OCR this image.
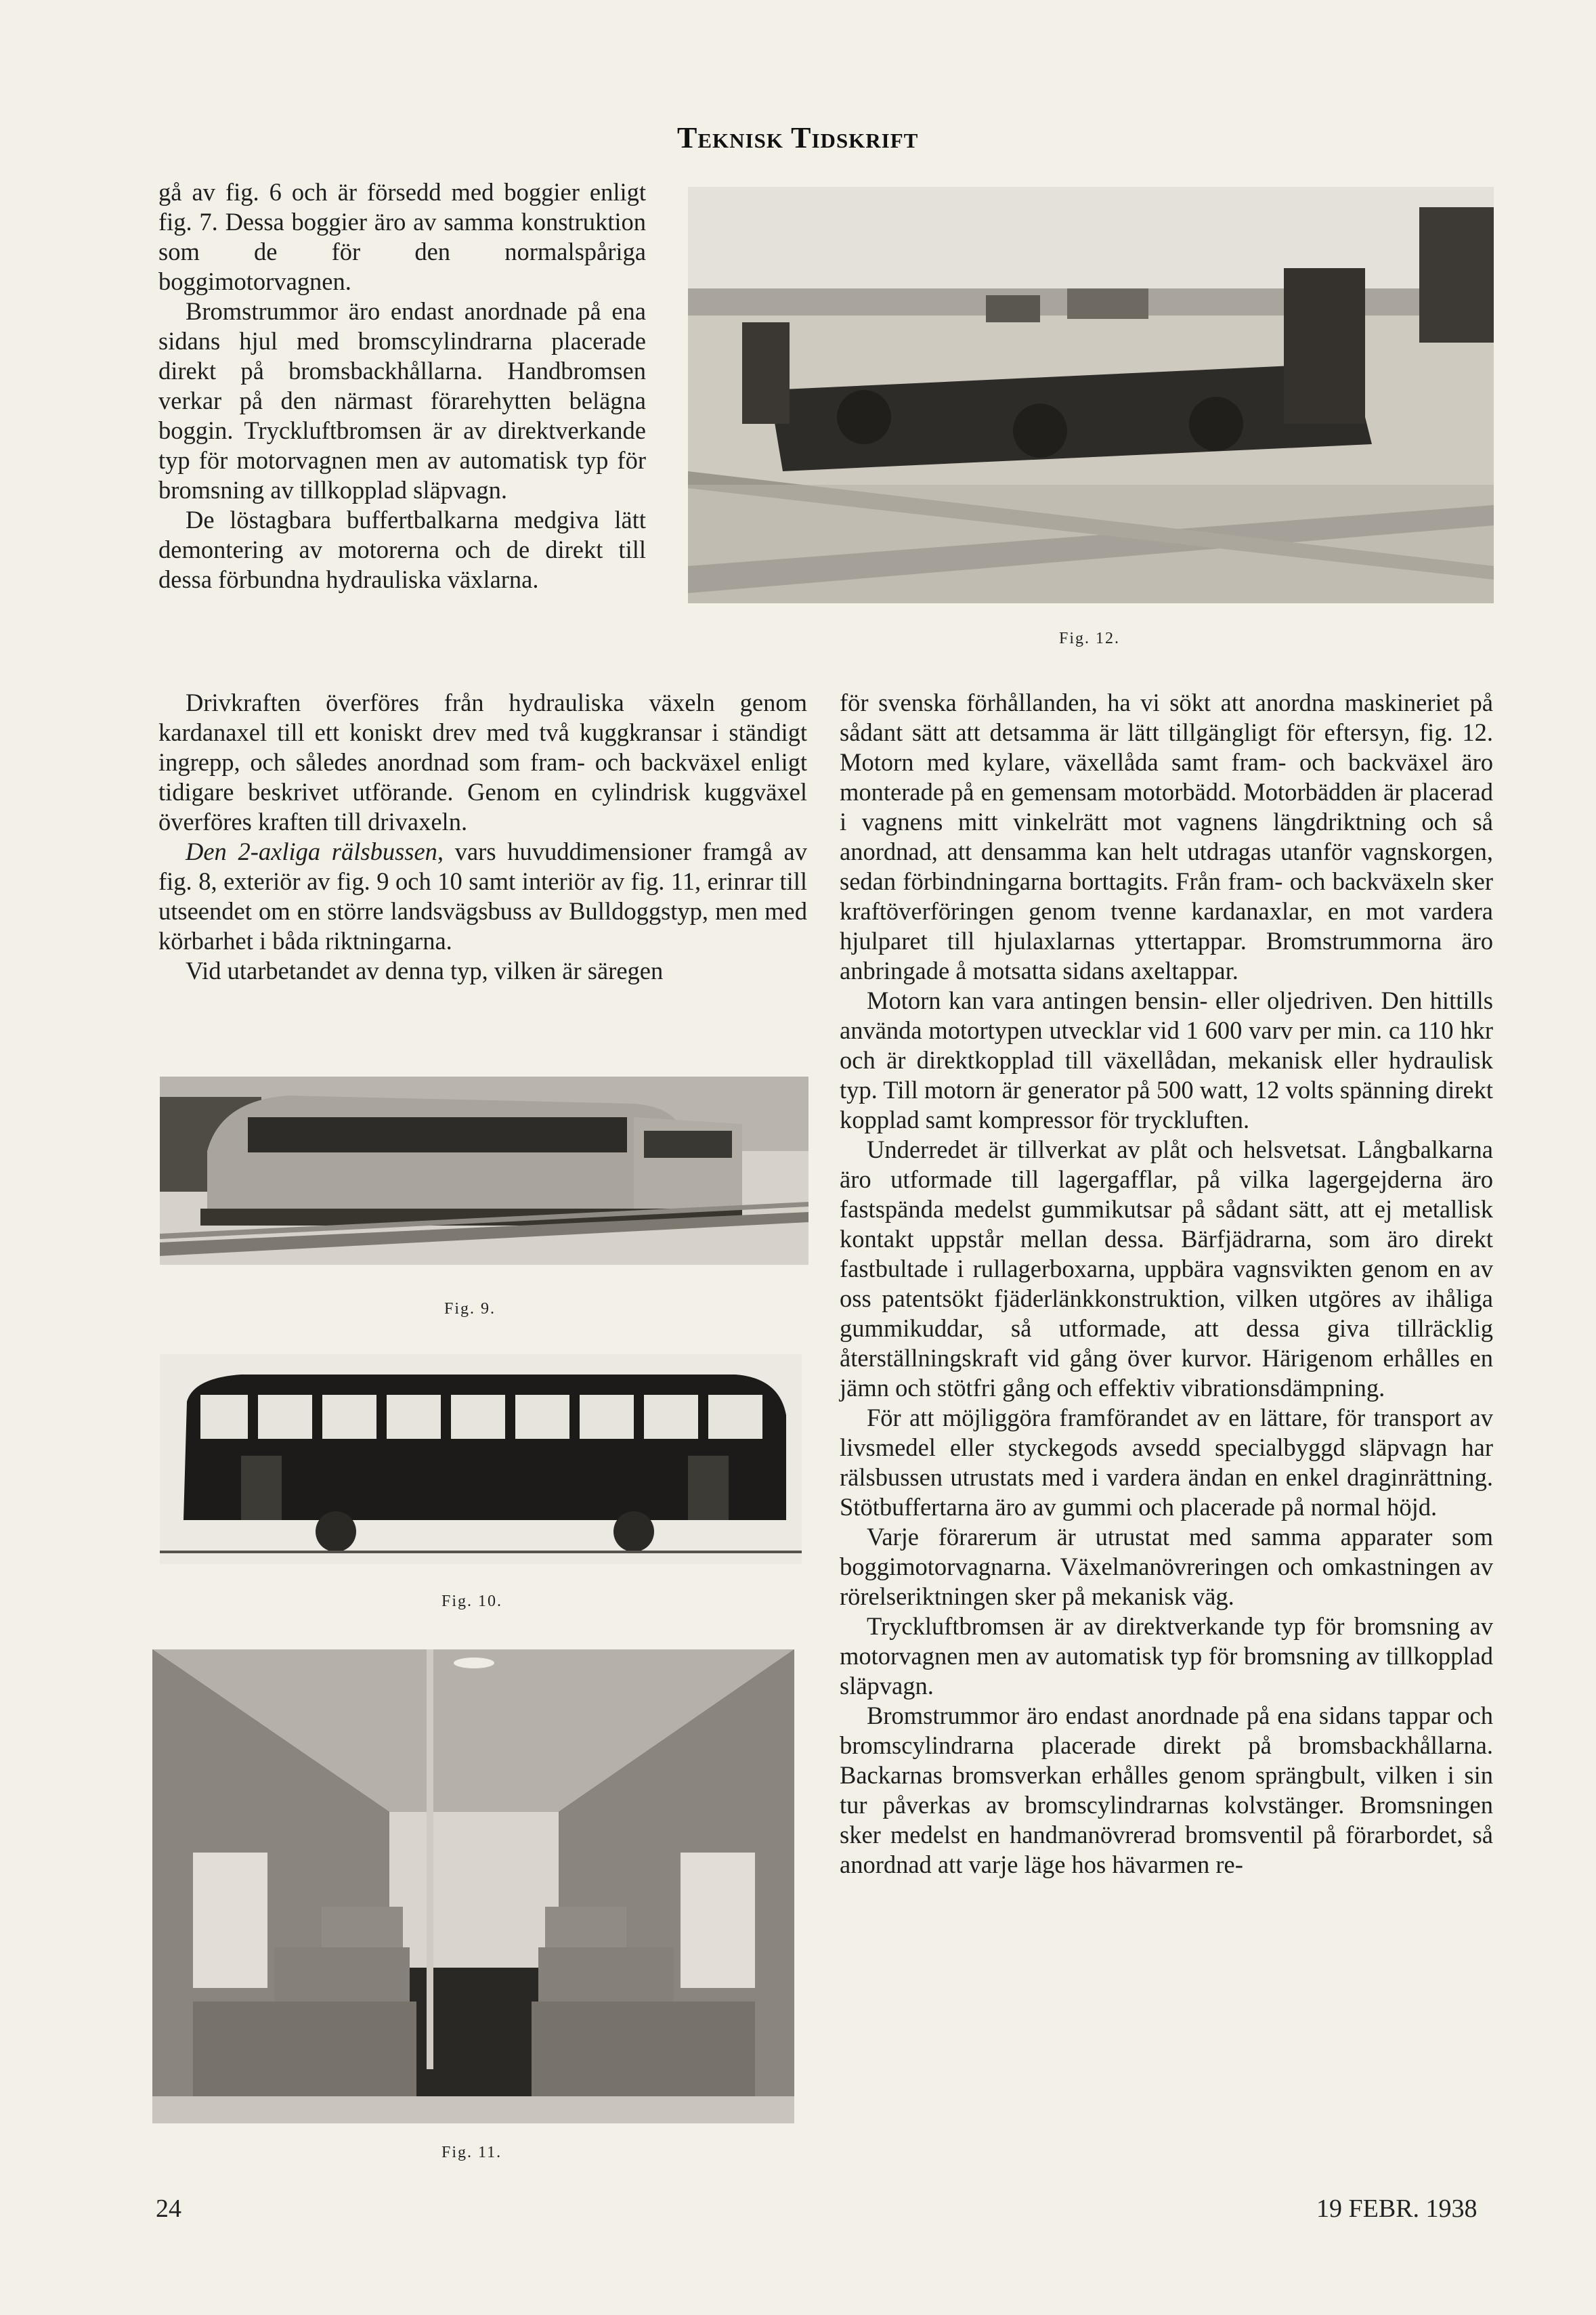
Teknisk Tidskrift

gå av fig. 6 och är försedd med boggier enligt fig. 7. Dessa boggier äro av samma konstruktion som de för den normalspåriga boggimotorvagnen.

Bromstrummor äro endast anordnade på ena sidans hjul med bromscylindrarna placerade direkt på bromsbackhållarna. Handbromsen verkar på den närmast förarehytten belägna boggin. Tryckluftbromsen är av direktverkande typ för motorvagnen men av automatisk typ för bromsning av tillkopplad släpvagn.

De löstagbara buffertbalkarna medgiva lätt demontering av motorerna och de direkt till dessa förbundna hydrauliska växlarna.

Drivkraften överföres från hydrauliska växeln genom kardanaxel till ett koniskt drev med två kuggkransar i ständigt ingrepp, och således anordnad som fram- och backväxel enligt tidigare beskrivet utförande. Genom en cylindrisk kuggväxel överföres kraften till drivaxeln.

Den 2-axliga rälsbussen, vars huvuddimensioner framgå av fig. 8, exteriör av fig. 9 och 10 samt interiör av fig. 11, erinrar till utseendet om en större landsvägsbuss av Bulldoggstyp, men med körbarhet i båda riktningarna.

Vid utarbetandet av denna typ, vilken är säregen

för svenska förhållanden, ha vi sökt att anordna maskineriet på sådant sätt att detsamma är lätt tillgängligt för eftersyn, fig. 12. Motorn med kylare, växellåda samt fram- och backväxel äro monterade på en gemensam motorbädd. Motorbädden är placerad i vagnens mitt vinkelrätt mot vagnens längdriktning och så anordnad, att densamma kan helt utdragas utanför vagnskorgen, sedan förbindningarna borttagits. Från fram- och backväxeln sker kraftöverföringen genom tvenne kardanaxlar, en mot vardera hjulparet till hjulaxlarnas yttertappar. Bromstrummorna äro anbringade å motsatta sidans axeltappar.

Motorn kan vara antingen bensin- eller oljedriven. Den hittills använda motortypen utvecklar vid 1 600 varv per min. ca 110 hkr och är direktkopplad till växellådan, mekanisk eller hydraulisk typ. Till motorn är generator på 500 watt, 12 volts spänning direkt kopplad samt kompressor för tryckluften.

Underredet är tillverkat av plåt och helsvetsat. Långbalkarna äro utformade till lagergafflar, på vilka lagergejderna äro fastspända medelst gummikutsar på sådant sätt, att ej metallisk kontakt uppstår mellan dessa. Bärfjädrarna, som äro direkt fastbultade i rullagerboxarna, uppbära vagnsvikten genom en av oss patentsökt fjäderlänkkonstruktion, vilken utgöres av ihåliga gummikuddar, så utformade, att dessa giva tillräcklig återställningskraft vid gång över kurvor. Härigenom erhålles en jämn och stötfri gång och effektiv vibrationsdämpning.

För att möjliggöra framförandet av en lättare, för transport av livsmedel eller styckegods avsedd specialbyggd släpvagn har rälsbussen utrustats med i vardera ändan en enkel draginrättning. Stötbuffertarna äro av gummi och placerade på normal höjd.

Varje förarerum är utrustat med samma apparater som boggimotorvagnarna. Växelmanövreringen och omkastningen av rörelseriktningen sker på mekanisk väg.

Tryckluftbromsen är av direktverkande typ för bromsning av motorvagnen men av automatisk typ för bromsning av tillkopplad släpvagn.

Bromstrummor äro endast anordnade på ena sidans tappar och bromscylindrarna placerade direkt på bromsbackhållarna. Backarnas bromsverkan erhålles genom sprängbult, vilken i sin tur påverkas av bromscylindrarnas kolvstänger. Bromsningen sker medelst en handmanövrerad bromsventil på förarbordet, så anordnad att varje läge hos hävarmen re-

Fig. 12.
Fig. 9.
Fig. 10.
Fig. 11.
24	19 FEBR. 1938
